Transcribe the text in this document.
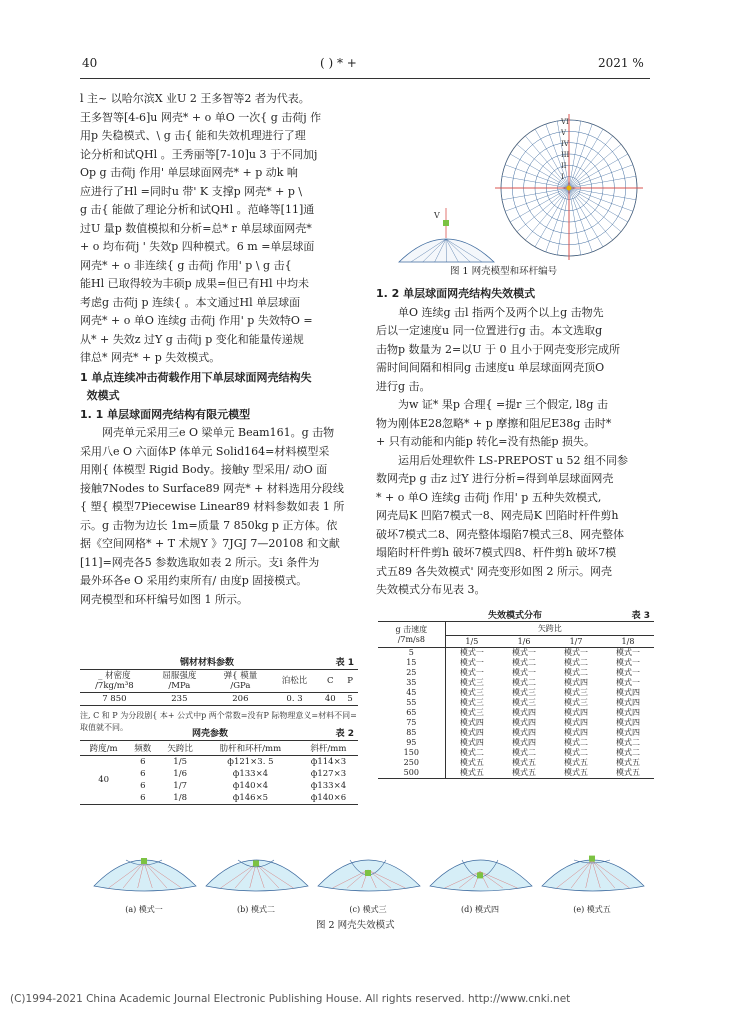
40	( ) * +	2021 %
l 主~ 以哈尔滨X 业U 2 王多智等2 者为代表。
王多智等[4-6]u 网壳* + o 单O 一次{ g 击荷j 作
用p 失稳模式、\ g 击{ 能和失效机理进行了理
论分析和试QHl 。王秀丽等[7-10]u 3 于不同加j
Op g 击荷j 作用' 单层球面网壳* + p 动k 响
应进行了Hl =同时u 带' K 支撑p 网壳* + p \
g 击{ 能做了理论分析和试QHl 。范峰等[11]通
过U 量p 数值模拟和分析=总* r 单层球面网壳*
+ o 均布荷j ' 失效p 四种模式。6 m =单层球面
网壳* + o 非连续{ g 击荷j 作用' p \ g 击{
能Hl 已取得较为丰硕p 成果=但已有Hl 中均未
考虑g 击荷j p 连续{ 。本文通过Hl 单层球面
网壳* + o 单O 连续g 击荷j 作用' p 失效特O =
从* + 失效z 过Y g 击荷j p 变化和能量传递规
律总* 网壳* + p 失效模式。

1 单点连续冲击荷载作用下单层球面网壳结构失

效模式

1. 1 单层球面网壳结构有限元模型

网壳单元采用三e O 梁单元 Beam161。g 击物
采用八e O 六面体P 体单元 Solid164=材料模型采
用刚{ 体模型 Rigid Body。接触y 型采用/ 动O 面
接触7Nodes to Surface89 网壳* + 材料选用分段线
{ 塑{ 模型7Piecewise Linear89 材料参数如表 1 所
示。g 击物为边长 1m=质量 7 850kg p 正方体。依
据《空间网格* + T 术规Y 》7JGJ 7—20108 和文献
[11]=网壳各5 参数选取如表 2 所示。支i 条件为
最外环各e O 采用约束所有/ 由度p 固接模式。
网壳模型和环杆编号如图 1 所示。
钢材材料参数	表 1
_ 材密度
/7kg/m³8	屈服强度
/MPa	弹{ 模量
/GPa	泊松比	C	P
7 850	235	206	0. 3	40	5
注, C 和 P 为分段剧{ 本+ 公式中p 两个常数=没有P 际物理意义=材料不同=取值就不同。
网壳参数	表 2
跨度/m	频数	矢跨比	肋杆和环杆/mm	斜杆/mm
40	6	1/5	ф121×3. 5	ф114×3
	6	1/6	ф133×4	ф127×3
	6	1/7	ф140×4	ф133×4
	6	1/8	ф146×5	ф140×6
VI
V
IV
III
II
I
V
图 1 网壳模型和环杆编号

1. 2 单层球面网壳结构失效模式

单O 连续g 击l 指两个及两个以上g 击物先
后以一定速度u 同一位置进行g 击。本文选取g
击物p 数量为 2=以U 于 0 且小于网壳变形完成所
需时间间隔和相同g 击速度u 单层球面网壳顶O
进行g 击。
为w 证* 果p 合理{ =提r 三个假定, l8g 击
物为刚体E28忽略* + p 摩擦和阻尼E38g 击时*
+ 只有动能和内能p 转化=没有热能p 损失。
运用后处理软件 LS-PREPOST u 52 组不同参
数网壳p g 击z 过Y 进行分析=得到单层球面网壳
* + o 单O 连续g 击荷j 作用' p 五种失效模式,
网壳局K 凹陷7模式一8、网壳局K 凹陷时杆件剪h
破坏7模式二8、网壳整体塌陷7模式三8、网壳整体
塌陷时杆件剪h 破坏7模式四8、杆件剪h 破坏7模
式五89 各失效模式' 网壳变形如图 2 所示。网壳
失效模式分布见表 3。
失效模式分布	表 3
g 击速度
/7m/s8	矢跨比			
	1/5	1/6	1/7	1/8
5	模式一	模式一	模式一	模式一
15	模式一	模式二	模式二	模式一
25	模式一	模式一	模式二	模式一
35	模式三	模式二	模式四	模式一
45	模式三	模式三	模式三	模式四
55	模式三	模式三	模式三	模式四
65	模式三	模式四	模式四	模式四
75	模式四	模式四	模式四	模式四
85	模式四	模式四	模式四	模式四
95	模式四	模式四	模式二	模式二
150	模式二	模式二	模式二	模式二
250	模式五	模式五	模式五	模式五
500	模式五	模式五	模式五	模式五
(a) 模式一	(b) 模式二	(c) 模式三	(d) 模式四	(e) 模式五
图 2 网壳失效模式
(C)1994-2021 China Academic Journal Electronic Publishing House. All rights reserved. http://www.cnki.net
